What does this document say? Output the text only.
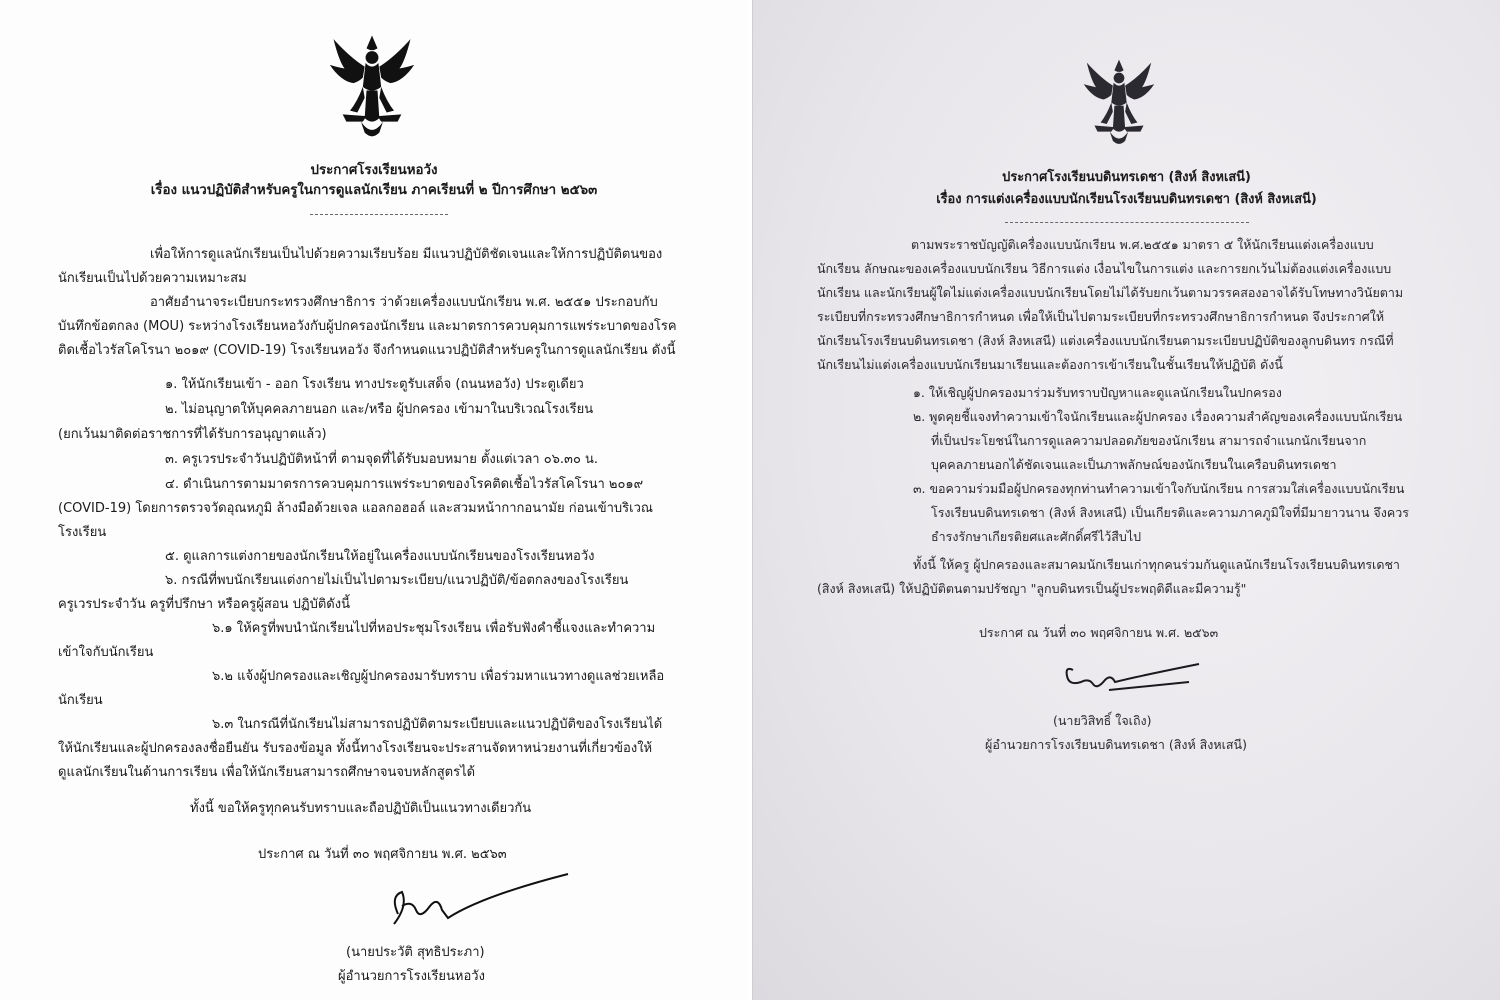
ประกาศโรงเรียนหอวัง
เรื่อง แนวปฏิบัติสำหรับครูในการดูแลนักเรียน ภาคเรียนที่ ๒ ปีการศึกษา ๒๕๖๓
เพื่อให้การดูแลนักเรียนเป็นไปด้วยความเรียบร้อย มีแนวปฏิบัติชัดเจนและให้การปฏิบัติตนของ
นักเรียนเป็นไปด้วยความเหมาะสม
อาศัยอำนาจระเบียบกระทรวงศึกษาธิการ ว่าด้วยเครื่องแบบนักเรียน พ.ศ. ๒๕๕๑ ประกอบกับ
บันทึกข้อตกลง (MOU) ระหว่างโรงเรียนหอวังกับผู้ปกครองนักเรียน และมาตรการควบคุมการแพร่ระบาดของโรค
ติดเชื้อไวรัสโคโรนา ๒๐๑๙ (COVID-19) โรงเรียนหอวัง จึงกำหนดแนวปฏิบัติสำหรับครูในการดูแลนักเรียน ดังนี้
๑. ให้นักเรียนเข้า - ออก โรงเรียน ทางประตูรับเสด็จ (ถนนหอวัง) ประตูเดียว
๒. ไม่อนุญาตให้บุคคลภายนอก และ/หรือ ผู้ปกครอง เข้ามาในบริเวณโรงเรียน
(ยกเว้นมาติดต่อราชการที่ได้รับการอนุญาตแล้ว)
๓. ครูเวรประจำวันปฏิบัติหน้าที่ ตามจุดที่ได้รับมอบหมาย ตั้งแต่เวลา ๐๖.๓๐ น.
๔. ดำเนินการตามมาตรการควบคุมการแพร่ระบาดของโรคติดเชื้อไวรัสโคโรนา ๒๐๑๙
(COVID-19) โดยการตรวจวัดอุณหภูมิ ล้างมือด้วยเจล แอลกอฮอล์ และสวมหน้ากากอนามัย ก่อนเข้าบริเวณ
โรงเรียน
๕. ดูแลการแต่งกายของนักเรียนให้อยู่ในเครื่องแบบนักเรียนของโรงเรียนหอวัง
๖. กรณีที่พบนักเรียนแต่งกายไม่เป็นไปตามระเบียบ/แนวปฏิบัติ/ข้อตกลงของโรงเรียน
ครูเวรประจำวัน ครูที่ปรึกษา หรือครูผู้สอน ปฏิบัติดังนี้
๖.๑ ให้ครูที่พบนำนักเรียนไปที่หอประชุมโรงเรียน เพื่อรับฟังคำชี้แจงและทำความ
เข้าใจกับนักเรียน
๖.๒ แจ้งผู้ปกครองและเชิญผู้ปกครองมารับทราบ เพื่อร่วมหาแนวทางดูแลช่วยเหลือ
นักเรียน
๖.๓ ในกรณีที่นักเรียนไม่สามารถปฏิบัติตามระเบียบและแนวปฏิบัติของโรงเรียนได้
ให้นักเรียนและผู้ปกครองลงชื่อยืนยัน รับรองข้อมูล ทั้งนี้ทางโรงเรียนจะประสานจัดหาหน่วยงานที่เกี่ยวข้องให้
ดูแลนักเรียนในด้านการเรียน เพื่อให้นักเรียนสามารถศึกษาจนจบหลักสูตรได้
ทั้งนี้ ขอให้ครูทุกคนรับทราบและถือปฏิบัติเป็นแนวทางเดียวกัน
ประกาศ ณ วันที่ ๓๐ พฤศจิกายน พ.ศ. ๒๕๖๓
(นายประวัติ สุทธิประภา)
ผู้อำนวยการโรงเรียนหอวัง
ประกาศโรงเรียนบดินทรเดชา (สิงห์ สิงหเสนี)
เรื่อง การแต่งเครื่องแบบนักเรียนโรงเรียนบดินทรเดชา (สิงห์ สิงหเสนี)
ตามพระราชบัญญัติเครื่องแบบนักเรียน พ.ศ.๒๕๕๑ มาตรา ๕ ให้นักเรียนแต่งเครื่องแบบ
นักเรียน ลักษณะของเครื่องแบบนักเรียน วิธีการแต่ง เงื่อนไขในการแต่ง และการยกเว้นไม่ต้องแต่งเครื่องแบบ
นักเรียน และนักเรียนผู้ใดไม่แต่งเครื่องแบบนักเรียนโดยไม่ได้รับยกเว้นตามวรรคสองอาจได้รับโทษทางวินัยตาม
ระเบียบที่กระทรวงศึกษาธิการกำหนด เพื่อให้เป็นไปตามระเบียบที่กระทรวงศึกษาธิการกำหนด จึงประกาศให้
นักเรียนโรงเรียนบดินทรเดชา (สิงห์ สิงหเสนี) แต่งเครื่องแบบนักเรียนตามระเบียบปฏิบัติของลูกบดินทร กรณีที่
นักเรียนไม่แต่งเครื่องแบบนักเรียนมาเรียนและต้องการเข้าเรียนในชั้นเรียนให้ปฏิบัติ ดังนี้
๑. ให้เชิญผู้ปกครองมาร่วมรับทราบปัญหาและดูแลนักเรียนในปกครอง
๒. พูดคุยชี้แจงทำความเข้าใจนักเรียนและผู้ปกครอง เรื่องความสำคัญของเครื่องแบบนักเรียน
ที่เป็นประโยชน์ในการดูแลความปลอดภัยของนักเรียน สามารถจำแนกนักเรียนจาก
บุคคลภายนอกได้ชัดเจนและเป็นภาพลักษณ์ของนักเรียนในเครือบดินทรเดชา
๓. ขอความร่วมมือผู้ปกครองทุกท่านทำความเข้าใจกับนักเรียน การสวมใส่เครื่องแบบนักเรียน
โรงเรียนบดินทรเดชา (สิงห์ สิงหเสนี) เป็นเกียรติและความภาคภูมิใจที่มีมายาวนาน จึงควร
ธำรงรักษาเกียรติยศและศักดิ์ศรีไว้สืบไป
ทั้งนี้ ให้ครู ผู้ปกครองและสมาคมนักเรียนเก่าทุกคนร่วมกันดูแลนักเรียนโรงเรียนบดินทรเดชา
(สิงห์ สิงหเสนี) ให้ปฏิบัติตนตามปรัชญา "ลูกบดินทรเป็นผู้ประพฤติดีและมีความรู้"
ประกาศ ณ วันที่ ๓๐ พฤศจิกายน พ.ศ. ๒๕๖๓
(นายวิสิทธิ์ ใจเถิง)
ผู้อำนวยการโรงเรียนบดินทรเดชา (สิงห์ สิงหเสนี)
